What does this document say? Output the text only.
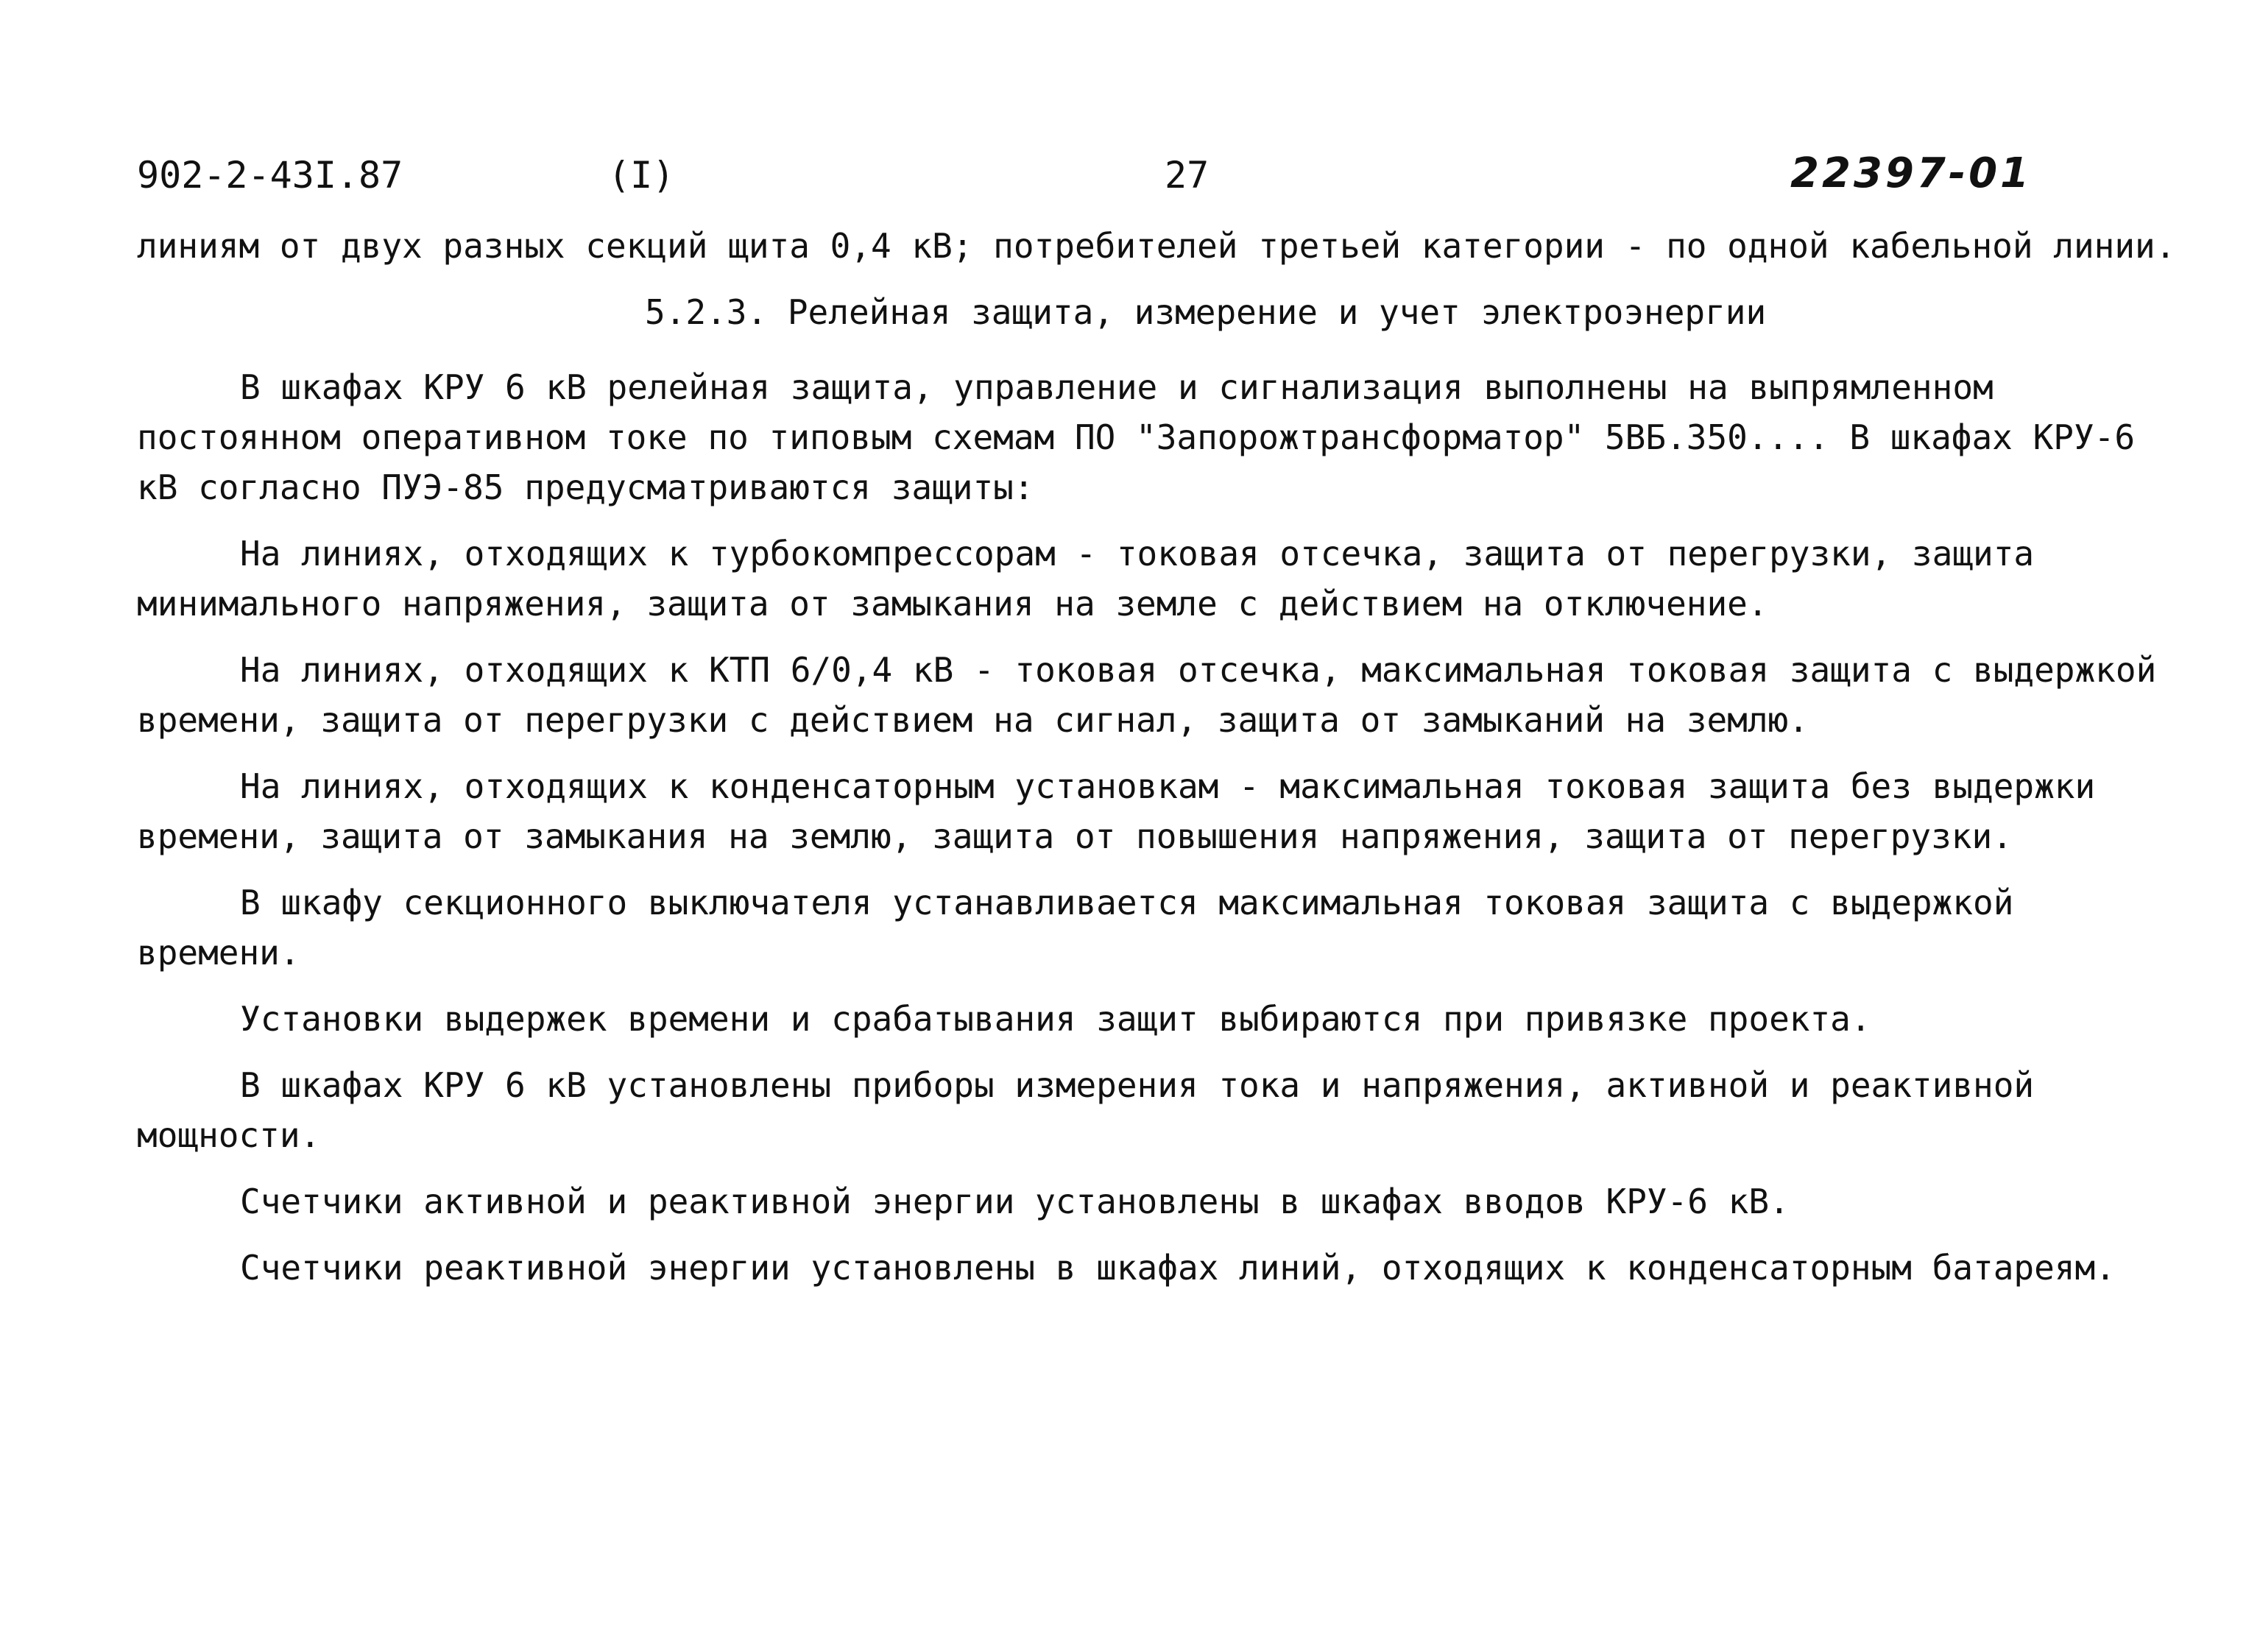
902-2-43I.87	(I)	27	22397-01

линиям от двух разных секций щита 0,4 кВ; потребителей третьей категории - по одной кабельной линии.

5.2.3. Релейная защита, измерение и учет электроэнергии

В шкафах КРУ 6 кВ релейная защита, управление и сигнализация выполнены на выпрямленном постоянном оперативном токе по типовым схемам ПО "Запорожтрансформатор" 5ВБ.350.... В шкафах КРУ-6 кВ согласно ПУЭ-85 предусматриваются защиты:

На линиях, отходящих к турбокомпрессорам - токовая отсечка, защита от перегрузки, защита минимального напряжения, защита от замыкания на земле с действием на отключение.

На линиях, отходящих к КТП 6/0,4 кВ - токовая отсечка, максимальная токовая защита с выдержкой времени, защита от перегрузки с действием на сигнал, защита от замыканий на землю.

На линиях, отходящих к конденсаторным установкам - максимальная токовая защита без выдержки времени, защита от замыкания на землю, защита от повышения напряжения, защита от перегрузки.

В шкафу секционного выключателя устанавливается максимальная токовая защита с выдержкой времени.

Установки выдержек времени и срабатывания защит выбираются при привязке проекта.

В шкафах КРУ 6 кВ установлены приборы измерения тока и напряжения, активной и реактивной мощности.

Счетчики активной и реактивной энергии установлены в шкафах вводов КРУ-6 кВ.

Счетчики реактивной энергии установлены в шкафах линий, отходящих к конденсаторным батареям.
